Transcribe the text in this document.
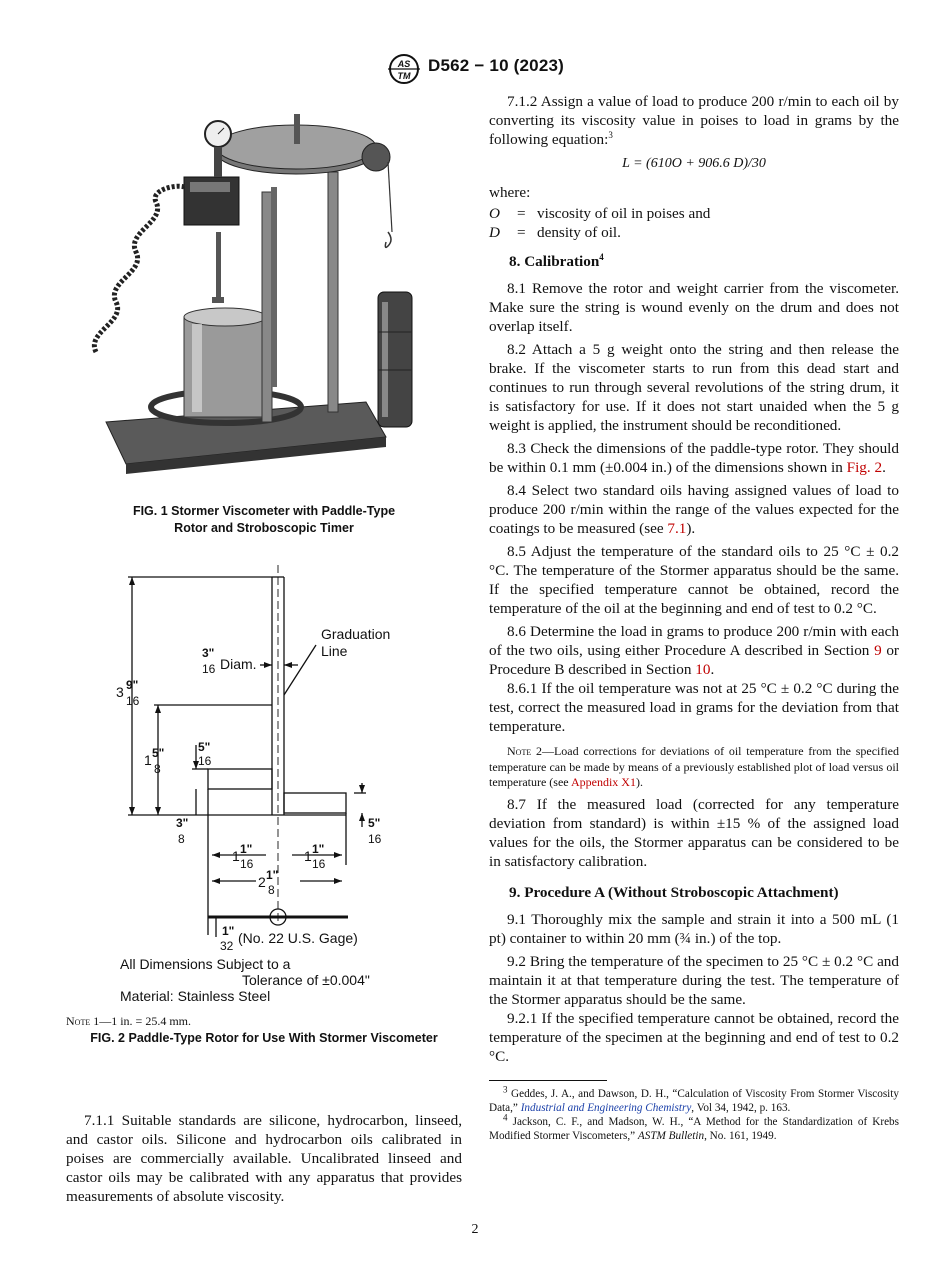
AS
TM
D562 − 10 (2023)
FIG. 1 Stormer Viscometer with Paddle-Type
Rotor and Stroboscopic Timer
Graduation
Line
3"
16 Diam.
3 9"
16
1 5"
8
5"
16
3"
8
5"
16
1 1"
16	1 1"
16
2 1"
8
1"
32 (No. 22 U.S. Gage)
All Dimensions Subject to a
Tolerance of ±0.004"
Material: Stainless Steel
Note 1—1 in. = 25.4 mm.
FIG. 2 Paddle-Type Rotor for Use With Stormer Viscometer

7.1.1 Suitable standards are silicone, hydrocarbon, linseed, and castor oils. Silicone and hydrocarbon oils calibrated in poises are commercially available. Uncalibrated linseed and castor oils may be calibrated with any apparatus that provides measurements of absolute viscosity.

7.1.2 Assign a value of load to produce 200 r/min to each oil by converting its viscosity value in poises to load in grams by the following equation:$^3$

L = (610O + 906.6 D)/30
where:
O	= viscosity of oil in poises and
D	= density of oil.
8. Calibration$^4$

8.1 Remove the rotor and weight carrier from the viscometer. Make sure the string is wound evenly on the drum and does not overlap itself.

8.2 Attach a 5 g weight onto the string and then release the brake. If the viscometer starts to run from this dead start and continues to run through several revolutions of the string drum, it is satisfactory for use. If it does not start unaided when the 5 g weight is applied, the instrument should be reconditioned.

8.3 Check the dimensions of the paddle-type rotor. They should be within 0.1 mm (±0.004 in.) of the dimensions shown in Fig. 2.

8.4 Select two standard oils having assigned values of load to produce 200 r/min within the range of the values expected for the coatings to be measured (see 7.1).

8.5 Adjust the temperature of the standard oils to 25 °C ± 0.2 °C. The temperature of the Stormer apparatus should be the same. If the specified temperature cannot be obtained, record the temperature of the oil at the beginning and end of test to 0.2 °C.

8.6 Determine the load in grams to produce 200 r/min with each of the two oils, using either Procedure A described in Section 9 or Procedure B described in Section 10.

8.6.1 If the oil temperature was not at 25 °C ± 0.2 °C during the test, correct the measured load in grams for the deviation from that temperature.

Note 2—Load corrections for deviations of oil temperature from the specified temperature can be made by means of a previously established plot of load versus oil temperature (see Appendix X1).

8.7 If the measured load (corrected for any temperature deviation from standard) is within ±15 % of the assigned load values for the oils, the Stormer apparatus can be considered to be in satisfactory calibration.

9. Procedure A (Without Stroboscopic Attachment)

9.1 Thoroughly mix the sample and strain it into a 500 mL (1 pt) container to within 20 mm (¾ in.) of the top.

9.2 Bring the temperature of the specimen to 25 °C ± 0.2 °C and maintain it at that temperature during the test. The temperature of the Stormer apparatus should be the same.

9.2.1 If the specified temperature cannot be obtained, record the temperature of the specimen at the beginning and end of test to 0.2 °C.

$^3$ Geddes, J. A., and Dawson, D. H., “Calculation of Viscosity From Stormer Viscosity Data,” Industrial and Engineering Chemistry, Vol 34, 1942, p. 163.
$^4$ Jackson, C. F., and Madson, W. H., “A Method for the Standardization of Krebs Modified Stormer Viscometers,” ASTM Bulletin, No. 161, 1949.
2
